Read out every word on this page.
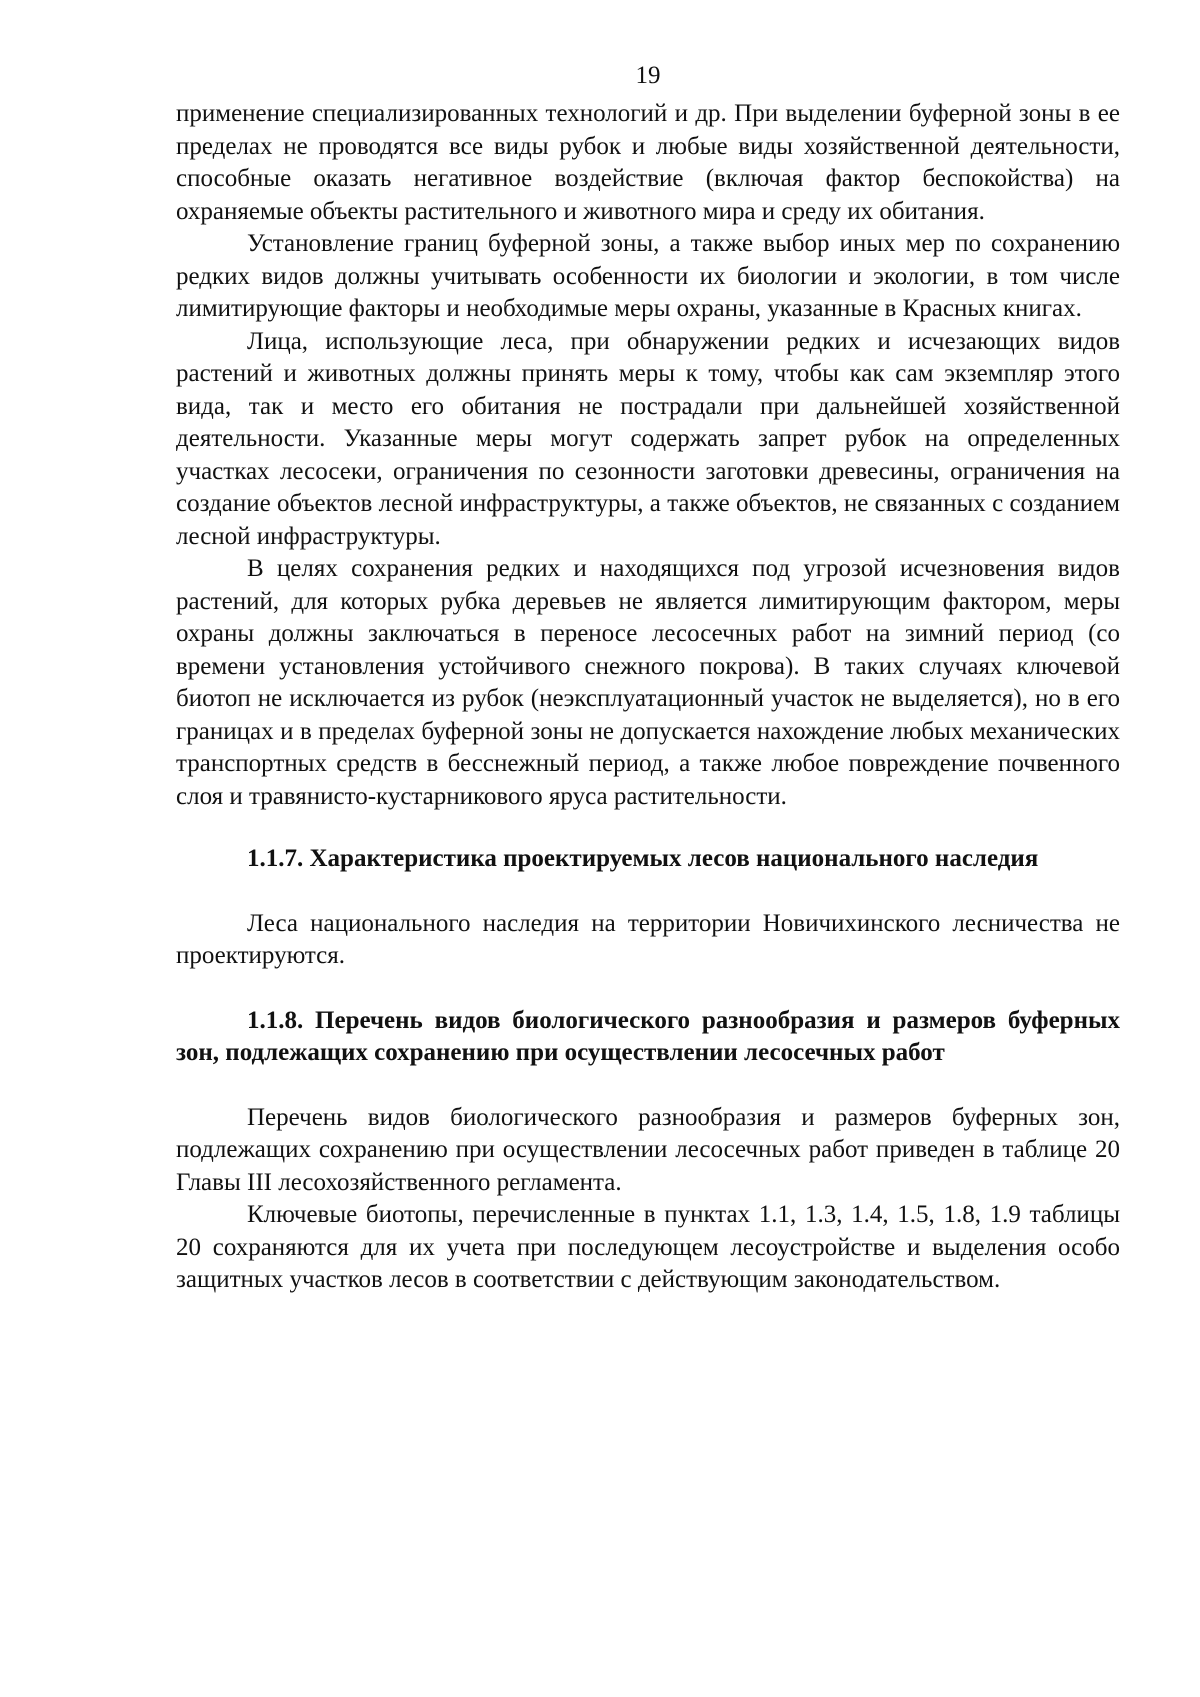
19

применение специализированных технологий и др. При выделении буферной зоны в ее пределах не проводятся все виды рубок и любые виды хозяйственной деятельности, способные оказать негативное воздействие (включая фактор беспокойства) на охраняемые объекты растительного и животного мира и среду их обитания.

Установление границ буферной зоны, а также выбор иных мер по сохранению редких видов должны учитывать особенности их биологии и экологии, в том числе лимитирующие факторы и необходимые меры охраны, указанные в Красных книгах.

Лица, использующие леса, при обнаружении редких и исчезающих видов растений и животных должны принять меры к тому, чтобы как сам экземпляр этого вида, так и место его обитания не пострадали при дальнейшей хозяйственной деятельности. Указанные меры могут содержать запрет рубок на определенных участках лесосеки, ограничения по сезонности заготовки древесины, ограничения на создание объектов лесной инфраструктуры, а также объектов, не связанных с созданием лесной инфраструктуры.

В целях сохранения редких и находящихся под угрозой исчезновения видов растений, для которых рубка деревьев не является лимитирующим фактором, меры охраны должны заключаться в переносе лесосечных работ на зимний период (со времени установления устойчивого снежного покрова). В таких случаях ключевой биотоп не исключается из рубок (неэксплуатационный участок не выделяется), но в его границах и в пределах буферной зоны не допускается нахождение любых механических транспортных средств в бесснежный период, а также любое повреждение почвенного слоя и травянисто-кустарникового яруса растительности.

1.1.7. Характеристика проектируемых лесов национального наследия

Леса национального наследия на территории Новичихинского лесничества не проектируются.

1.1.8. Перечень видов биологического разнообразия и размеров буферных зон, подлежащих сохранению при осуществлении лесосечных работ

Перечень видов биологического разнообразия и размеров буферных зон, подлежащих сохранению при осуществлении лесосечных работ приведен в таблице 20 Главы III лесохозяйственного регламента.

Ключевые биотопы, перечисленные в пунктах 1.1, 1.3, 1.4, 1.5, 1.8, 1.9 таблицы 20 сохраняются для их учета при последующем лесоустройстве и выделения особо защитных участков лесов в соответствии с действующим законодательством.
